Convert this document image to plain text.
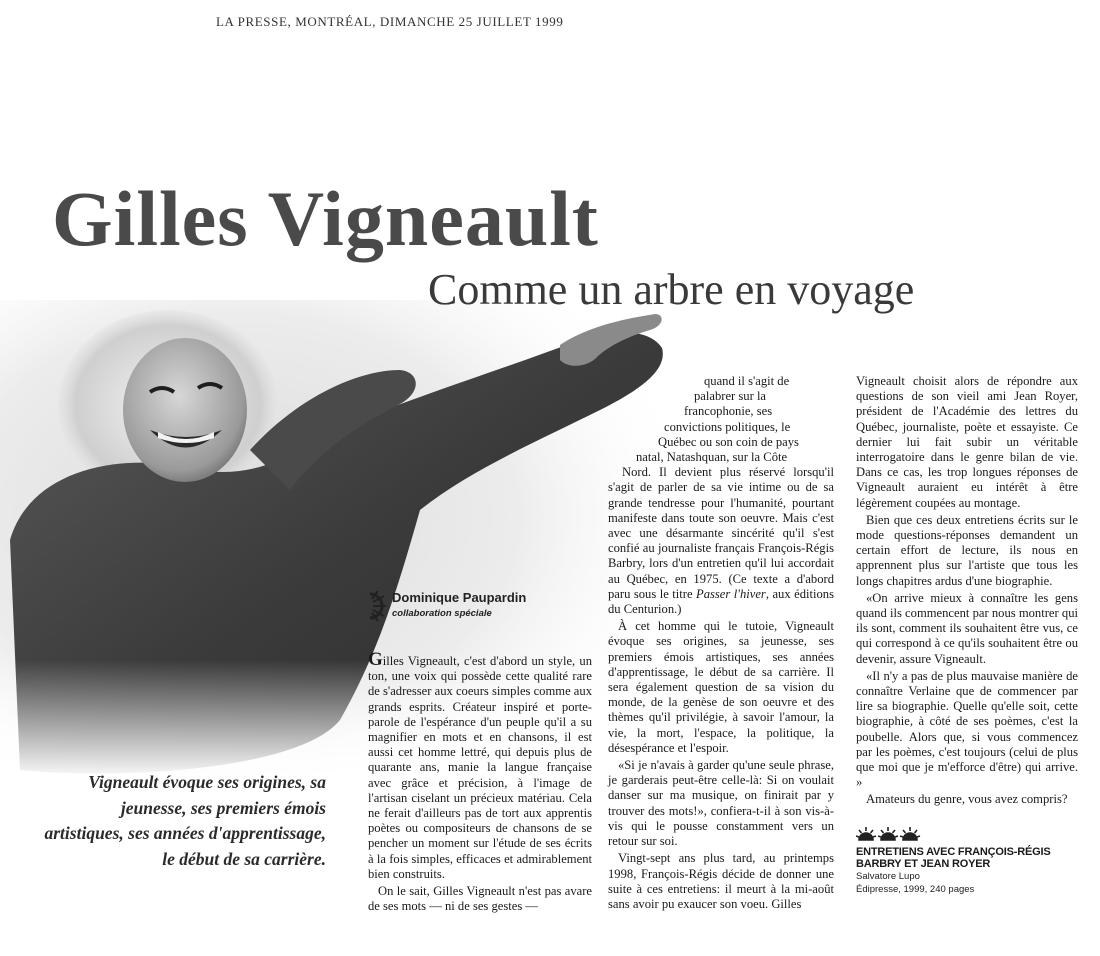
LA PRESSE, MONTRÉAL, DIMANCHE 25 JUILLET 1999
Gilles Vigneault
Comme un arbre en voyage
Dominique Paupardin
collaboration spéciale
Vigneault évoque ses origines, sa jeunesse, ses premiers émois artistiques, ses années d'apprentissage, le début de sa carrière.

Gilles Vigneault, c'est d'abord un style, un ton, une voix qui possède cette qualité rare de s'adresser aux coeurs simples comme aux grands esprits. Créateur inspiré et porte-parole de l'espérance d'un peuple qu'il a su magnifier en mots et en chansons, il est aussi cet homme lettré, qui depuis plus de quarante ans, manie la langue française avec grâce et précision, à l'image de l'artisan ciselant un précieux matériau. Cela ne ferait d'ailleurs pas de tort aux apprentis poètes ou compositeurs de chansons de se pencher un moment sur l'étude de ses écrits à la fois simples, efficaces et admirablement bien construits.

On le sait, Gilles Vigneault n'est pas avare de ses mots — ni de ses gestes —

quand il s'agit de
palabrer sur la
francophonie, ses
convictions politiques, le
Québec ou son coin de pays
natal, Natashquan, sur la Côte
Nord. Il devient plus réservé lorsqu'il s'agit de parler de sa vie intime ou de sa grande tendresse pour l'humanité, pourtant manifeste dans toute son oeuvre. Mais c'est avec une désarmante sincérité qu'il s'est confié au journaliste français François-Régis Barbry, lors d'un entretien qu'il lui accordait au Québec, en 1975. (Ce texte a d'abord paru sous le titre Passer l'hiver, aux éditions du Centurion.)

À cet homme qui le tutoie, Vigneault évoque ses origines, sa jeunesse, ses premiers émois artistiques, ses années d'apprentissage, le début de sa carrière. Il sera également question de sa vision du monde, de la genèse de son oeuvre et des thèmes qu'il privilégie, à savoir l'amour, la vie, la mort, l'espace, la politique, la désespérance et l'espoir.

«Si je n'avais à garder qu'une seule phrase, je garderais peut-être celle-là: Si on voulait danser sur ma musique, on finirait par y trouver des mots!», confiera-t-il à son vis-à-vis qui le pousse constamment vers un retour sur soi.

Vingt-sept ans plus tard, au printemps 1998, François-Régis décide de donner une suite à ces entretiens: il meurt à la mi-août sans avoir pu exaucer son voeu. Gilles

Vigneault choisit alors de répondre aux questions de son vieil ami Jean Royer, président de l'Académie des lettres du Québec, journaliste, poète et essayiste. Ce dernier lui fait subir un véritable interrogatoire dans le genre bilan de vie. Dans ce cas, les trop longues réponses de Vigneault auraient eu intérêt à être légèrement coupées au montage.

Bien que ces deux entretiens écrits sur le mode questions-réponses demandent un certain effort de lecture, ils nous en apprennent plus sur l'artiste que tous les longs chapitres ardus d'une biographie.

«On arrive mieux à connaître les gens quand ils commencent par nous montrer qui ils sont, comment ils souhaitent être vus, ce qui correspond à ce qu'ils souhaitent être ou devenir, assure Vigneault.

«Il n'y a pas de plus mauvaise manière de connaître Verlaine que de commencer par lire sa biographie. Quelle qu'elle soit, cette biographie, à côté de ses poèmes, c'est la poubelle. Alors que, si vous commencez par les poèmes, c'est toujours (celui de plus que moi que je m'efforce d'être) qui arrive. »

Amateurs du genre, vous avez compris?

ENTRETIENS AVEC FRANÇOIS-RÉGIS BARBRY ET JEAN ROYER
Salvatore Lupo
Édipresse, 1999, 240 pages
